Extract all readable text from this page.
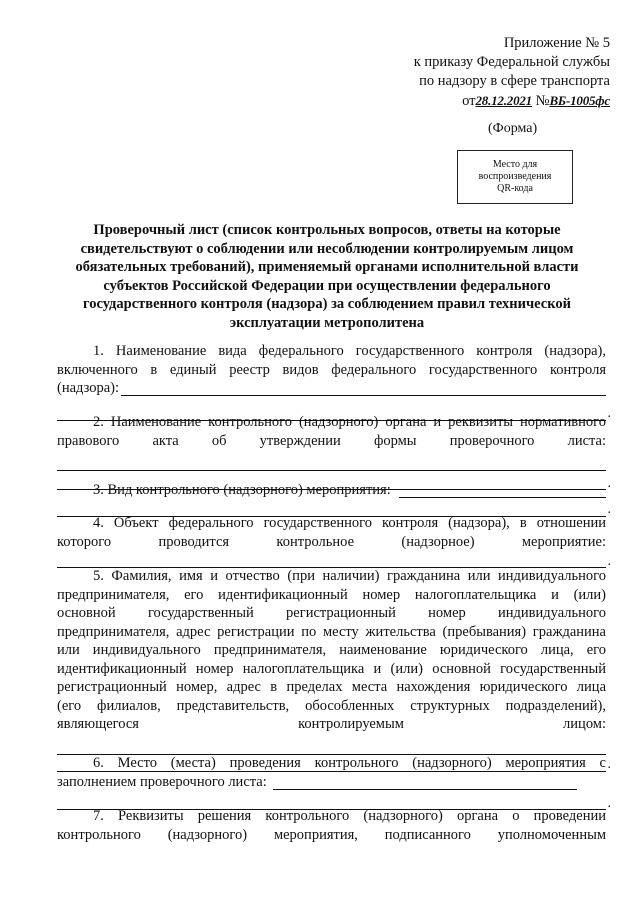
Приложение № 5
к приказу Федеральной службы
по надзору в сфере транспорта
от28.12.2021 №ВБ-1005фс
(Форма)
Место для
воспроизведения
QR-кода
Проверочный лист (список контрольных вопросов, ответы на которые
свидетельствуют о соблюдении или несоблюдении контролируемым лицом
обязательных требований), применяемый органами исполнительной власти
субъектов Российской Федерации при осуществлении федерального
государственного контроля (надзора) за соблюдением правил технической
эксплуатации метрополитена
1. Наименование вида федерального государственного контроля (надзора),
включенного в единый реестр видов федерального государственного контроля
(надзора):
.
2. Наименование контрольного (надзорного) органа и реквизиты нормативного
правового акта об утверждении формы проверочного листа:
.
3. Вид контрольного (надзорного) мероприятия:
.
4. Объект федерального государственного контроля (надзора), в отношении
которого проводится контрольное (надзорное) мероприятие:
.
5. Фамилия, имя и отчество (при наличии) гражданина или индивидуального
предпринимателя, его идентификационный номер налогоплательщика и (или)
основной государственный регистрационный номер индивидуального
предпринимателя, адрес регистрации по месту жительства (пребывания) гражданина
или индивидуального предпринимателя, наименование юридического лица, его
идентификационный номер налогоплательщика и (или) основной государственный
регистрационный номер, адрес в пределах места нахождения юридического лица
(его филиалов, представительств, обособленных структурных подразделений),
являющегося контролируемым лицом:
.
6. Место (места) проведения контрольного (надзорного) мероприятия с
заполнением проверочного листа:
.
7. Реквизиты решения контрольного (надзорного) органа о проведении
контрольного (надзорного) мероприятия, подписанного уполномоченным
